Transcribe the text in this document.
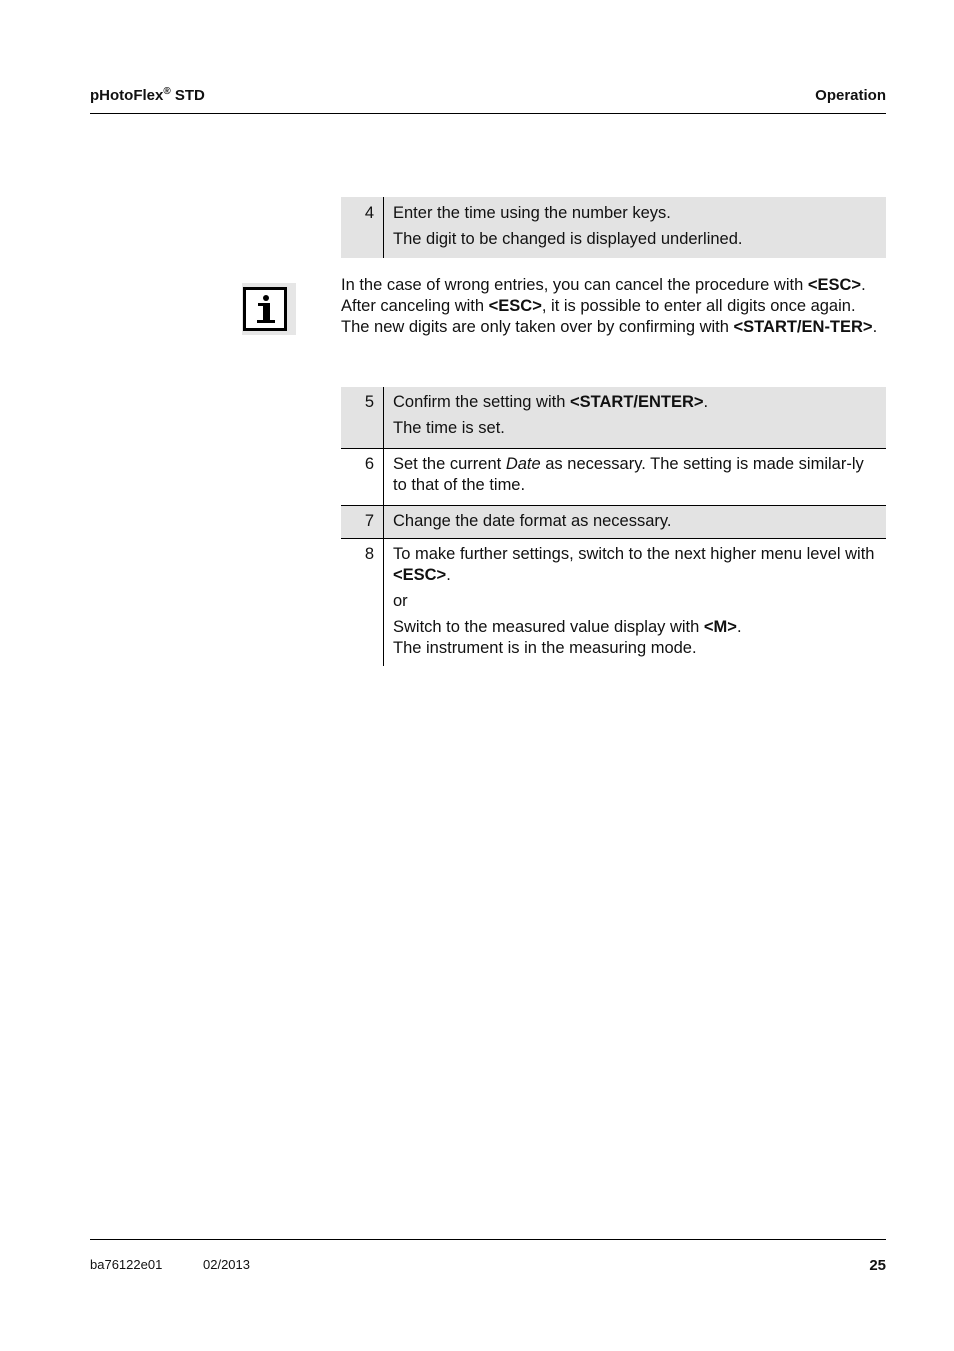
pHotoFlex® STD	Operation
4	Enter the time using the number keys.

The digit to be changed is displayed underlined.

In the case of wrong entries, you can cancel the procedure with <ESC>. After canceling with <ESC>, it is possible to enter all digits once again. The new digits are only taken over by confirming with <START/EN-TER>.
5	Confirm the setting with <START/ENTER>.

The time is set.

6	Set the current Date as necessary. The setting is made similar-ly to that of the time.

7	Change the date format as necessary.

8	To make further settings, switch to the next higher menu level with <ESC>.

or

Switch to the measured value display with <M>.
The instrument is in the measuring mode.

ba76122e01	02/2013	25
